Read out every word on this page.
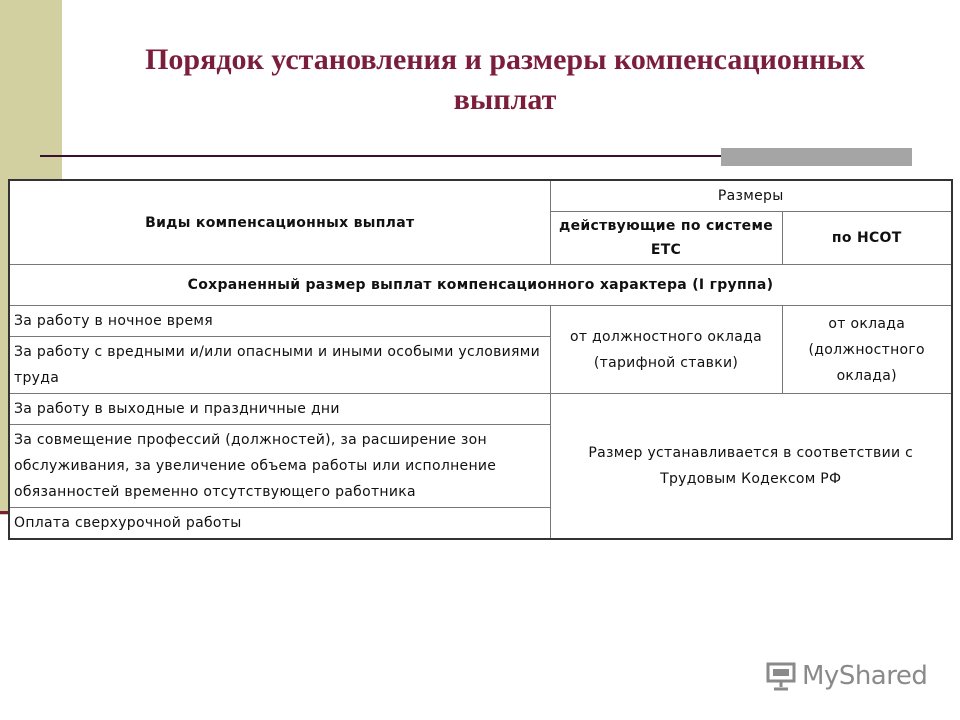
Порядок установления и размеры компенсационных
выплат
Виды компенсационных выплат	Размеры	
	действующие по системе ЕТС	по НСОТ
Сохраненный размер выплат компенсационного характера (I группа)		
За работу в ночное время	от должностного оклада (тарифной ставки)	от оклада (должностного оклада)
За работу с вредными и/или опасными и иными особыми условиями труда		
За работу в выходные и праздничные дни	Размер устанавливается в соответствии с Трудовым Кодексом РФ	
За совмещение профессий (должностей), за расширение зон обслуживания, за увеличение объема работы или исполнение обязанностей временно отсутствующего работника		
Оплата сверхурочной работы		
MyShared
